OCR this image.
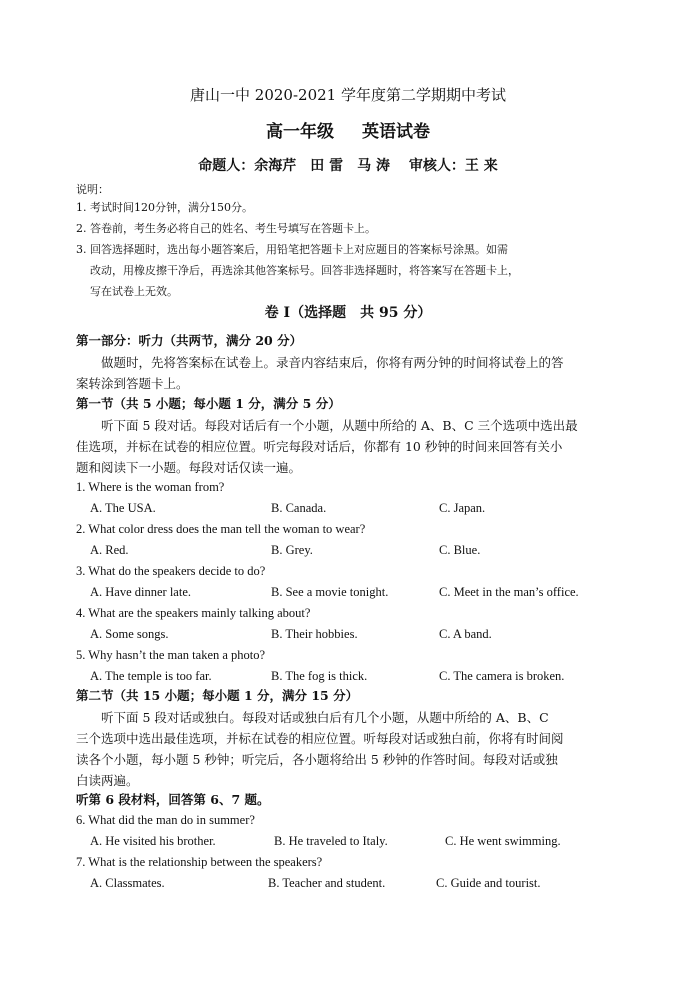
唐山一中 2020-2021 学年度第二学期期中考试
高一年级 英语试卷
命题人：余海芹　田 雷　马 涛　 审核人：王 来
说明：
1. 考试时间120分钟，满分150分。
2. 答卷前，考生务必将自己的姓名、考生号填写在答题卡上。
3. 回答选择题时，选出每小题答案后，用铅笔把答题卡上对应题目的答案标号涂黑。如需
改动，用橡皮擦干净后，再选涂其他答案标号。回答非选择题时，将答案写在答题卡上，
写在试卷上无效。
卷 I（选择题　共 95 分）
第一部分：听力（共两节，满分 20 分）
做题时，先将答案标在试卷上。录音内容结束后，你将有两分钟的时间将试卷上的答
案转涂到答题卡上。
第一节（共 5 小题；每小题 1 分，满分 5 分）
听下面 5 段对话。每段对话后有一个小题，从题中所给的 A、B、C 三个选项中选出最
佳选项，并标在试卷的相应位置。听完每段对话后，你都有 10 秒钟的时间来回答有关小
题和阅读下一小题。每段对话仅读一遍。
1. Where is the woman from?
A. The USA.	B. Canada.	C. Japan.
2. What color dress does the man tell the woman to wear?
A. Red.	B. Grey.	C. Blue.
3. What do the speakers decide to do?
A. Have dinner late.	B. See a movie tonight.	C. Meet in the man’s office.
4. What are the speakers mainly talking about?
A. Some songs.	B. Their hobbies.	C. A band.
5. Why hasn’t the man taken a photo?
A. The temple is too far.	B. The fog is thick.	C. The camera is broken.
第二节（共 15 小题；每小题 1 分，满分 15 分）
听下面 5 段对话或独白。每段对话或独白后有几个小题，从题中所给的 A、B、C
三个选项中选出最佳选项，并标在试卷的相应位置。听每段对话或独白前，你将有时间阅
读各个小题，每小题 5 秒钟；听完后，各小题将给出 5 秒钟的作答时间。每段对话或独
白读两遍。
听第 6 段材料，回答第 6、7 题。
6. What did the man do in summer?
A. He visited his brother.	B. He traveled to Italy.	C. He went swimming.
7. What is the relationship between the speakers?
A. Classmates.	B. Teacher and student.	C. Guide and tourist.
